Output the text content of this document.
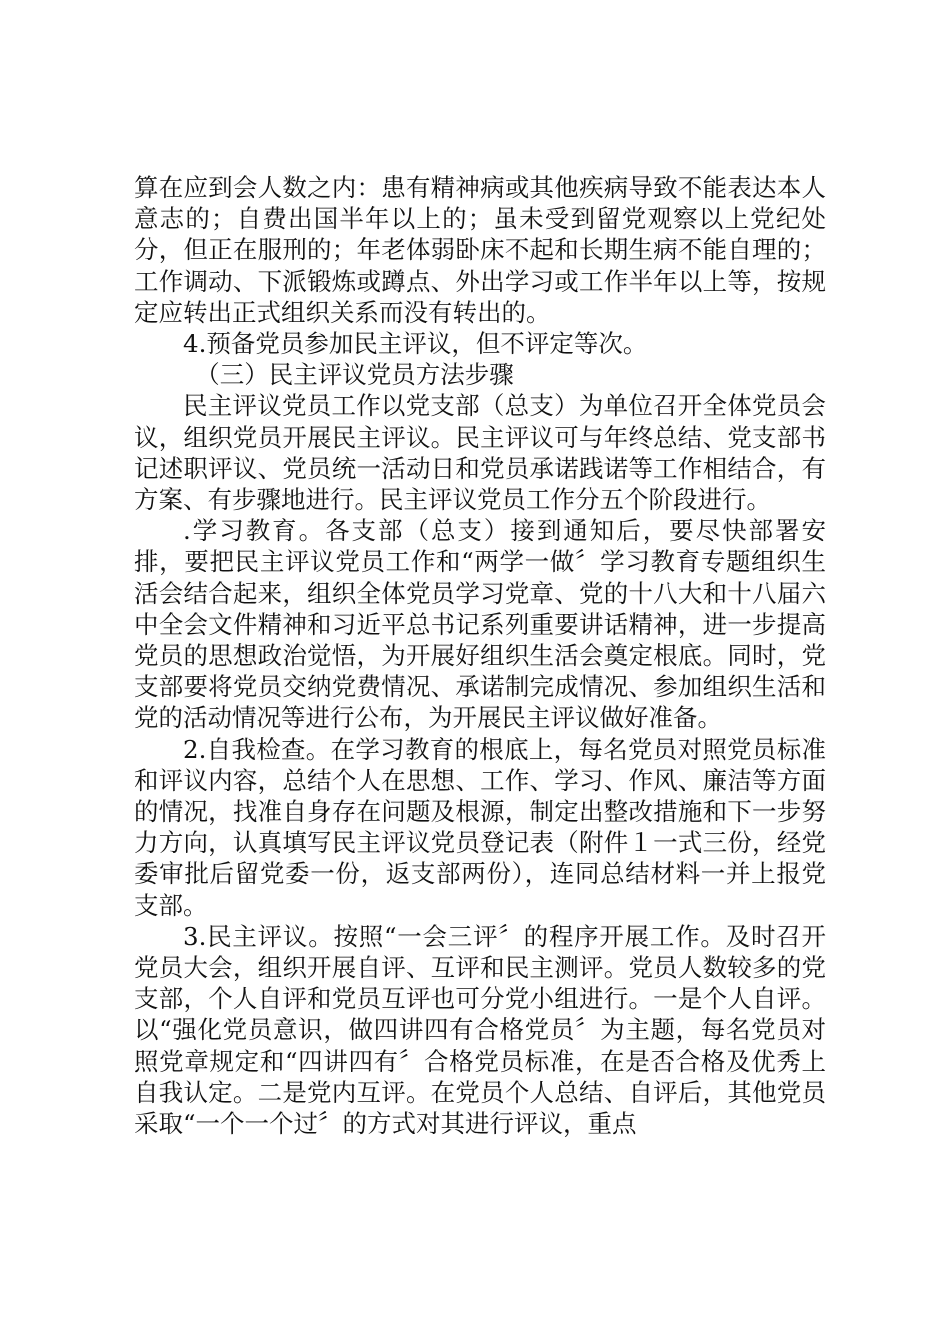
算在应到会人数之内：患有精神病或其他疾病导致不能表达本人意志的；自费出国半年以上的；虽未受到留党观察以上党纪处分，但正在服刑的；年老体弱卧床不起和长期生病不能自理的；工作调动、下派锻炼或蹲点、外出学习或工作半年以上等，按规定应转出正式组织关系而没有转出的。

4.预备党员参加民主评议，但不评定等次。

（三）民主评议党员方法步骤

民主评议党员工作以党支部（总支）为单位召开全体党员会议，组织党员开展民主评议。民主评议可与年终总结、党支部书记述职评议、党员统一活动日和党员承诺践诺等工作相结合，有方案、有步骤地进行。民主评议党员工作分五个阶段进行。

.学习教育。各支部（总支）接到通知后，要尽快部署安排，要把民主评议党员工作和“两学一做〞学习教育专题组织生活会结合起来，组织全体党员学习党章、党的十八大和十八届六中全会文件精神和习近平总书记系列重要讲话精神，进一步提高党员的思想政治觉悟，为开展好组织生活会奠定根底。同时，党支部要将党员交纳党费情况、承诺制完成情况、参加组织生活和党的活动情况等进行公布，为开展民主评议做好准备。

2.自我检查。在学习教育的根底上，每名党员对照党员标准和评议内容，总结个人在思想、工作、学习、作风、廉洁等方面的情况，找准自身存在问题及根源，制定出整改措施和下一步努力方向，认真填写民主评议党员登记表（附件１一式三份，经党委审批后留党委一份，返支部两份），连同总结材料一并上报党支部。

3.民主评议。按照“一会三评〞的程序开展工作。及时召开党员大会，组织开展自评、互评和民主测评。党员人数较多的党支部，个人自评和党员互评也可分党小组进行。一是个人自评。以“强化党员意识，做四讲四有合格党员〞为主题，每名党员对照党章规定和“四讲四有〞合格党员标准，在是否合格及优秀上自我认定。二是党内互评。在党员个人总结、自评后，其他党员采取“一个一个过〞的方式对其进行评议，重点
